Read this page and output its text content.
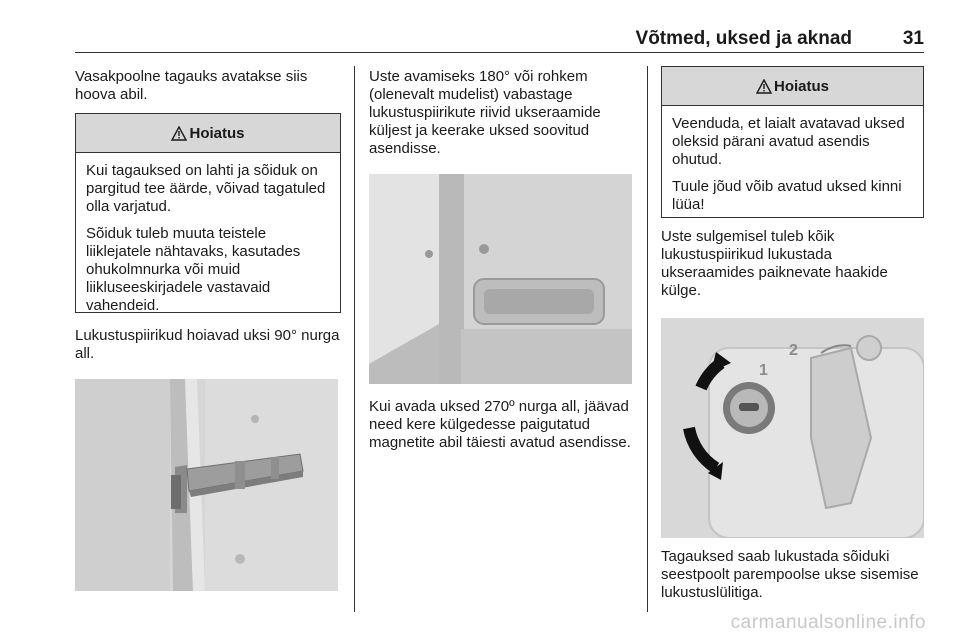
Võtmed, uksed ja aknad	31

Vasakpoolne tagauks avatakse siis hoova abil.

Hoiatus

Kui tagauksed on lahti ja sõiduk on pargitud tee äärde, võivad tagatuled olla varjatud.

Sõiduk tuleb muuta teistele liiklejatele nähtavaks, kasutades ohukolmnurka või muid liikluseeskirjadele vastavaid vahendeid.

Lukustuspiirikud hoiavad uksi 90° nurga all.

Uste avamiseks 180° või rohkem (olenevalt mudelist) vabastage lukustuspiirikute riivid ukseraamide küljest ja keerake uksed soovitud asendisse.

Kui avada uksed 270º nurga all, jäävad need kere külgedesse paigutatud magnetite abil täiesti avatud asendisse.

Hoiatus

Veenduda, et laialt avatavad uksed oleksid pärani avatud asendis ohutud.

Tuule jõud võib avatud uksed kinni lüüa!

Uste sulgemisel tuleb kõik lukustuspiirikud lukustada ukseraamides paiknevate haakide külge.

1
2

Tagauksed saab lukustada sõiduki seestpoolt parempoolse ukse sisemise lukustuslülitiga.

carmanualsonline.info
